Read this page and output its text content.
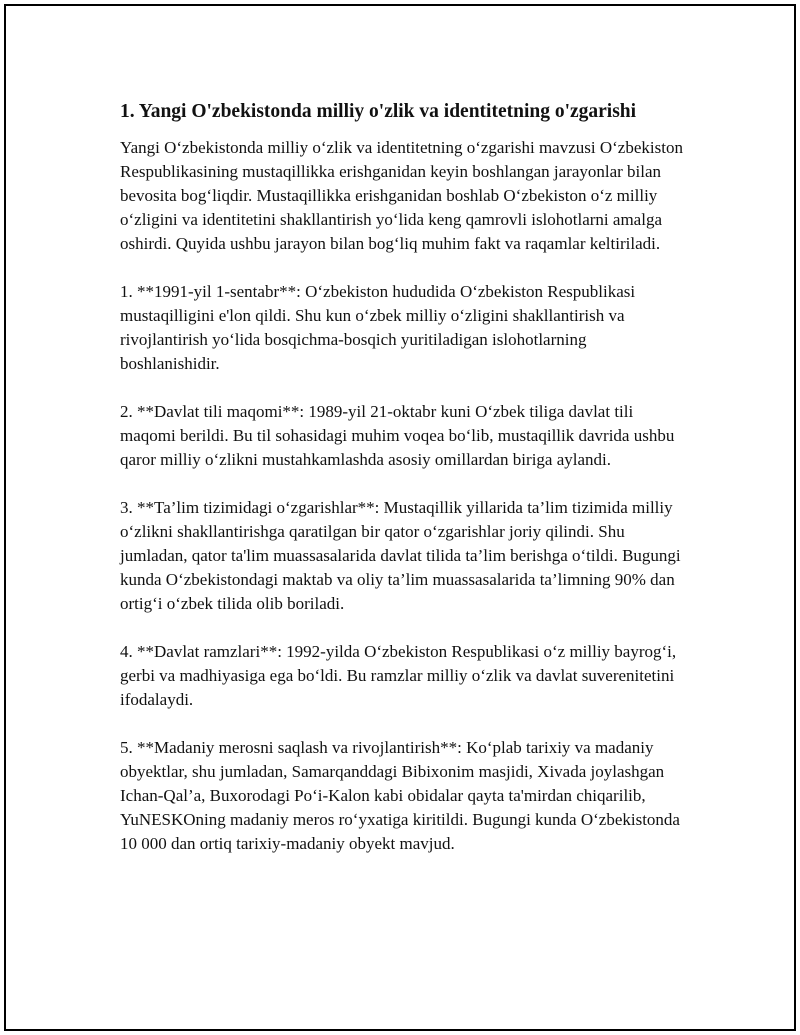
1. Yangi O'zbekistonda milliy o'zlik va identitetning o'zgarishi

Yangi O‘zbekistonda milliy o‘zlik va identitetning o‘zgarishi mavzusi O‘zbekiston Respublikasining mustaqillikka erishganidan keyin boshlangan jarayonlar bilan bevosita bog‘liqdir. Mustaqillikka erishganidan boshlab O‘zbekiston o‘z milliy o‘zligini va identitetini shakllantirish yo‘lida keng qamrovli islohotlarni amalga oshirdi. Quyida ushbu jarayon bilan bog‘liq muhim fakt va raqamlar keltiriladi.

1. **1991-yil 1-sentabr**: O‘zbekiston hududida O‘zbekiston Respublikasi mustaqilligini e'lon qildi. Shu kun o‘zbek milliy o‘zligini shakllantirish va rivojlantirish yo‘lida bosqichma-bosqich yuritiladigan islohotlarning boshlanishidir.

2. **Davlat tili maqomi**: 1989-yil 21-oktabr kuni O‘zbek tiliga davlat tili maqomi berildi. Bu til sohasidagi muhim voqea bo‘lib, mustaqillik davrida ushbu qaror milliy o‘zlikni mustahkamlashda asosiy omillardan biriga aylandi.

3. **Ta’lim tizimidagi o‘zgarishlar**: Mustaqillik yillarida ta’lim tizimida milliy o‘zlikni shakllantirishga qaratilgan bir qator o‘zgarishlar joriy qilindi. Shu jumladan, qator ta'lim muassasalarida davlat tilida ta’lim berishga o‘tildi. Bugungi kunda O‘zbekistondagi maktab va oliy ta’lim muassasalarida ta’limning 90% dan ortig‘i o‘zbek tilida olib boriladi.

4. **Davlat ramzlari**: 1992-yilda O‘zbekiston Respublikasi o‘z milliy bayrog‘i, gerbi va madhiyasiga ega bo‘ldi. Bu ramzlar milliy o‘zlik va davlat suverenitetini ifodalaydi.

5. **Madaniy merosni saqlash va rivojlantirish**: Ko‘plab tarixiy va madaniy obyektlar, shu jumladan, Samarqanddagi Bibixonim masjidi, Xivada joylashgan Ichan-Qal’a, Buxorodagi Po‘i-Kalon kabi obidalar qayta ta'mirdan chiqarilib, YuNESKOning madaniy meros ro‘yxatiga kiritildi. Bugungi kunda O‘zbekistonda 10 000 dan ortiq tarixiy-madaniy obyekt mavjud.
